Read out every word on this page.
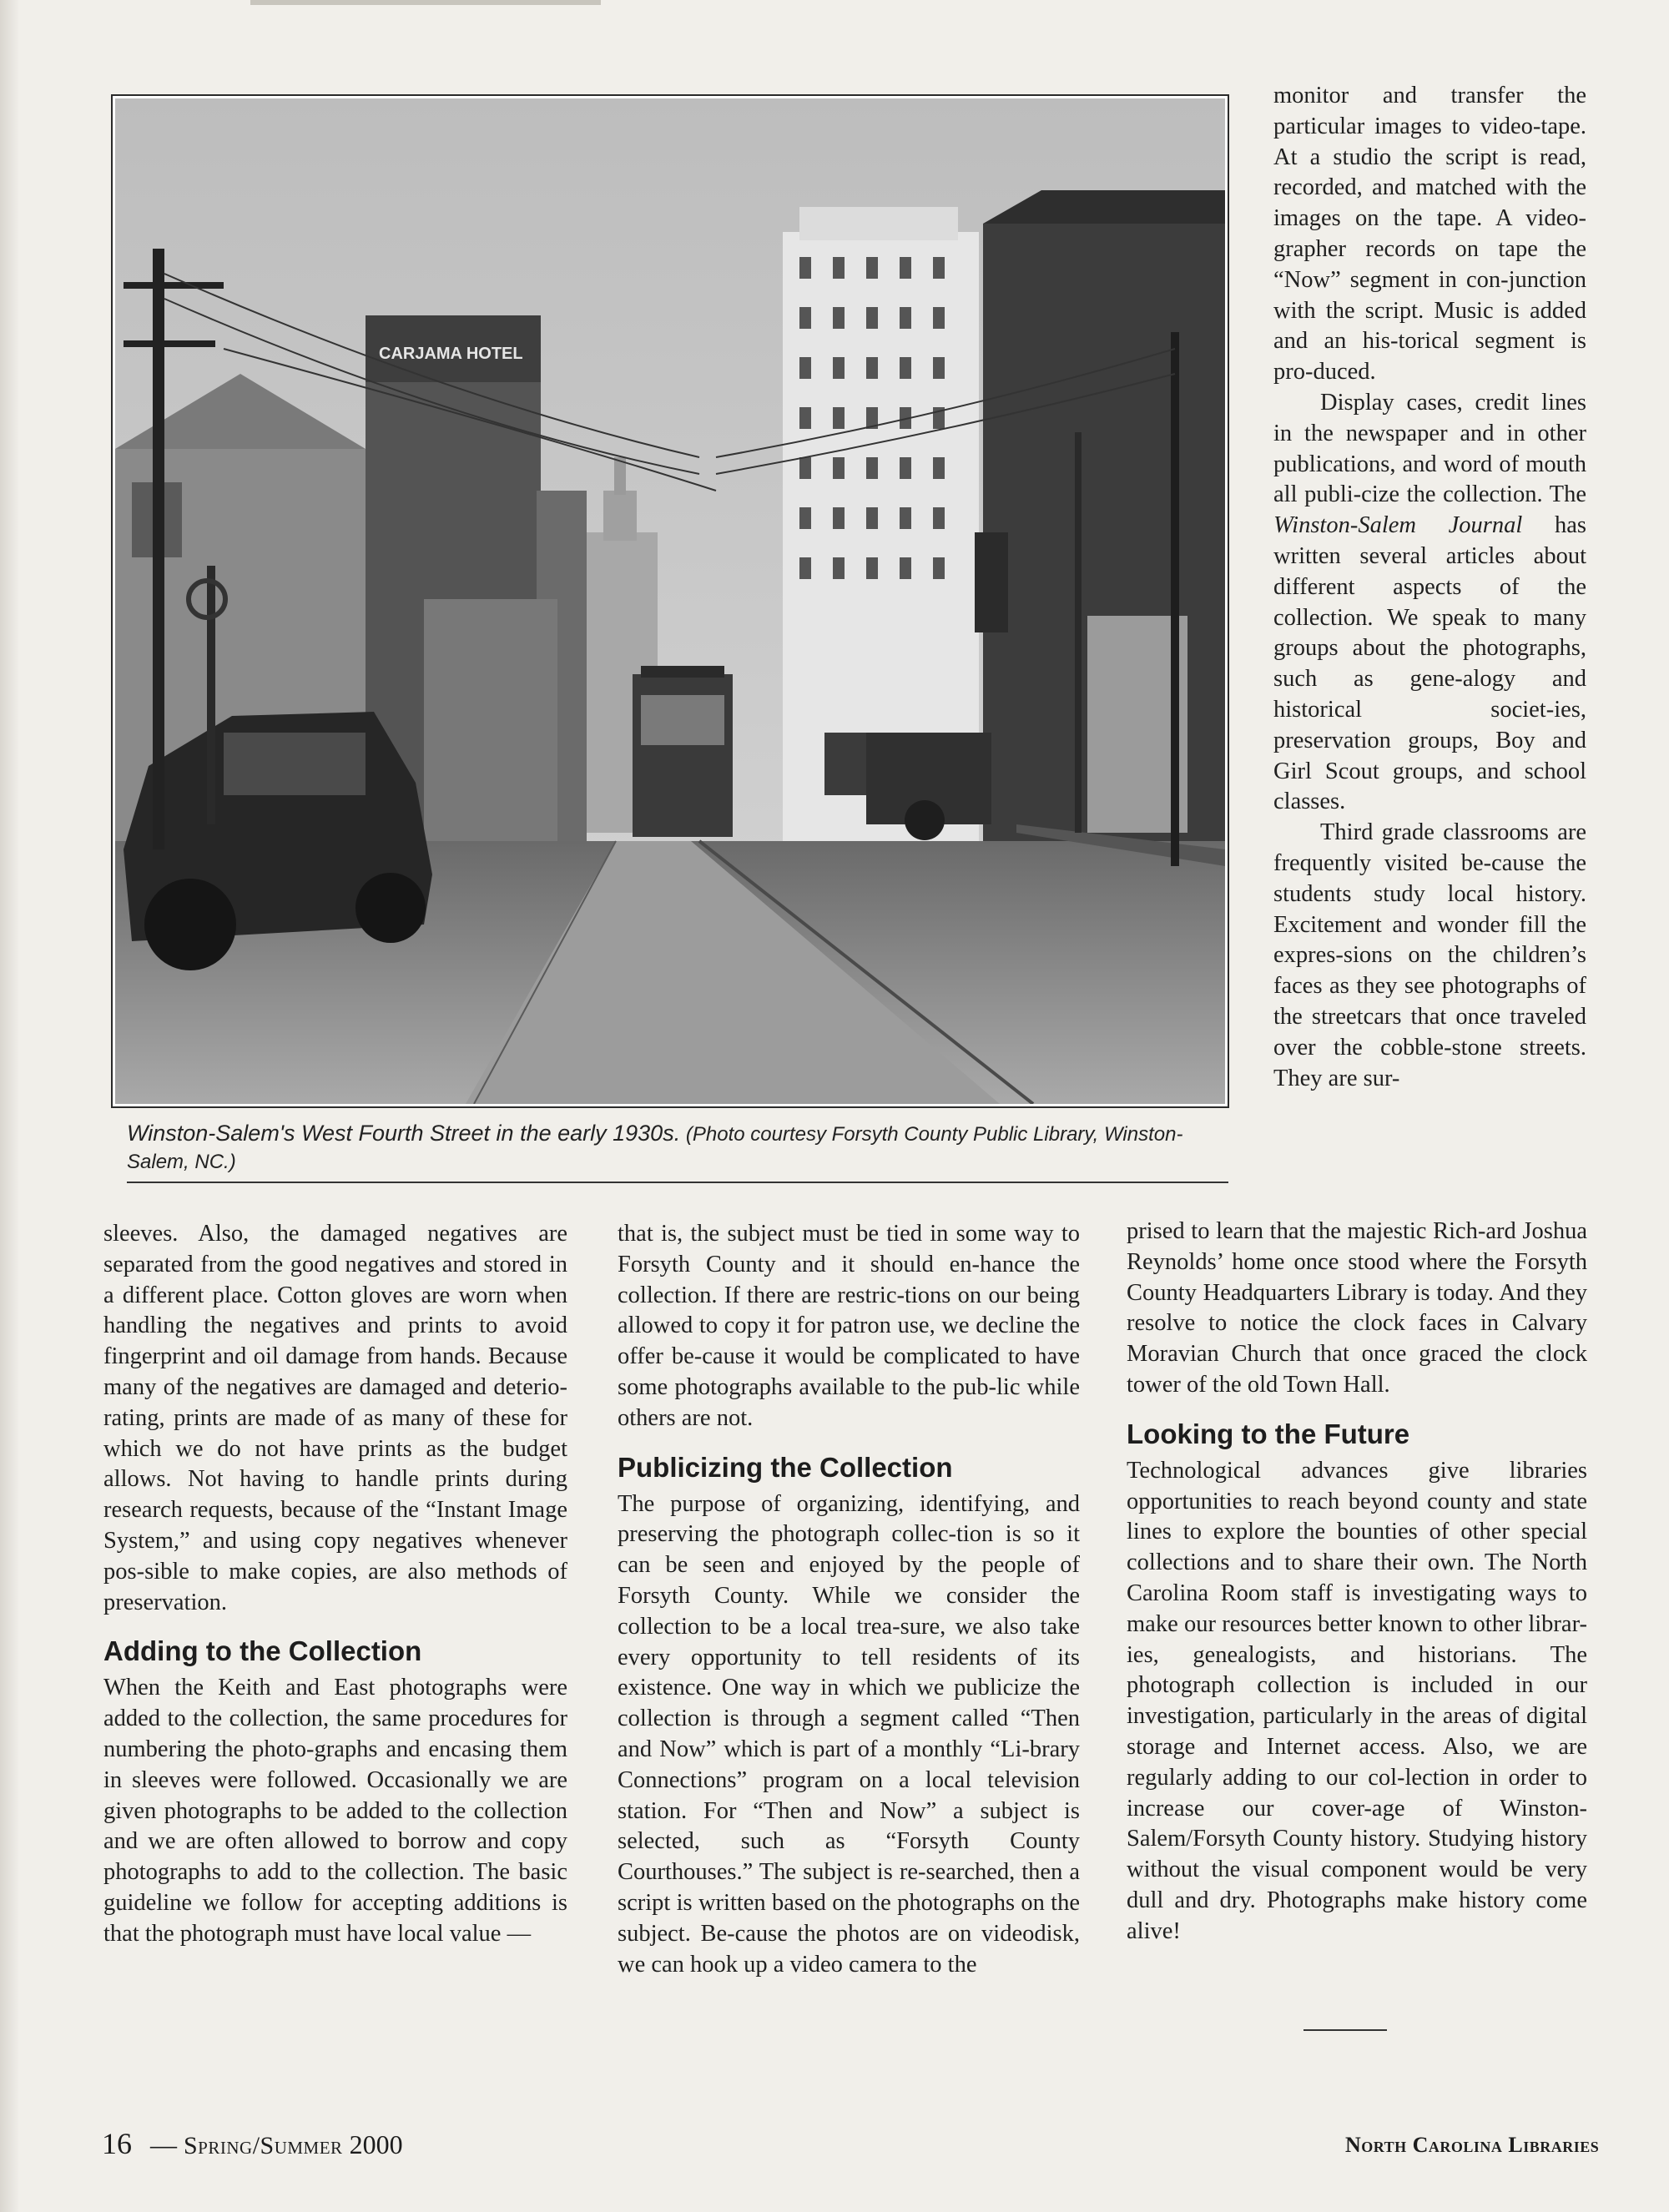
CARJAMA HOTEL
Winston-Salem's West Fourth Street in the early 1930s. (Photo courtesy Forsyth County Public Library, Winston-Salem, NC.)

monitor and transfer the particular images to video-tape. At a studio the script is read, recorded, and matched with the images on the tape. A video-grapher records on tape the “Now” segment in con-junction with the script. Music is added and an his-torical segment is pro-duced.

Display cases, credit lines in the newspaper and in other publications, and word of mouth all publi-cize the collection. The Winston-Salem Journal has written several articles about different aspects of the collection. We speak to many groups about the photographs, such as gene-alogy and historical societ-ies, preservation groups, Boy and Girl Scout groups, and school classes.

Third grade classrooms are frequently visited be-cause the students study local history. Excitement and wonder fill the expres-sions on the children’s faces as they see photographs of the streetcars that once traveled over the cobble-stone streets. They are sur-

prised to learn that the majestic Rich-ard Joshua Reynolds’ home once stood where the Forsyth County Headquarters Library is today. And they resolve to notice the clock faces in Calvary Moravian Church that once graced the clock tower of the old Town Hall.

Looking to the Future

Technological advances give libraries opportunities to reach beyond county and state lines to explore the bounties of other special collections and to share their own. The North Carolina Room staff is investigating ways to make our resources better known to other librar-ies, genealogists, and historians. The photograph collection is included in our investigation, particularly in the areas of digital storage and Internet access. Also, we are regularly adding to our col-lection in order to increase our cover-age of Winston-Salem/Forsyth County history. Studying history without the visual component would be very dull and dry. Photographs make history come alive!

sleeves. Also, the damaged negatives are separated from the good negatives and stored in a different place. Cotton gloves are worn when handling the negatives and prints to avoid fingerprint and oil damage from hands. Because many of the negatives are damaged and deterio-rating, prints are made of as many of these for which we do not have prints as the budget allows. Not having to handle prints during research requests, because of the “Instant Image System,” and using copy negatives whenever pos-sible to make copies, are also methods of preservation.

Adding to the Collection

When the Keith and East photographs were added to the collection, the same procedures for numbering the photo-graphs and encasing them in sleeves were followed. Occasionally we are given photographs to be added to the collection and we are often allowed to borrow and copy photographs to add to the collection. The basic guideline we follow for accepting additions is that the photograph must have local value —

that is, the subject must be tied in some way to Forsyth County and it should en-hance the collection. If there are restric-tions on our being allowed to copy it for patron use, we decline the offer be-cause it would be complicated to have some photographs available to the pub-lic while others are not.

Publicizing the Collection

The purpose of organizing, identifying, and preserving the photograph collec-tion is so it can be seen and enjoyed by the people of Forsyth County. While we consider the collection to be a local trea-sure, we also take every opportunity to tell residents of its existence. One way in which we publicize the collection is through a segment called “Then and Now” which is part of a monthly “Li-brary Connections” program on a local television station. For “Then and Now” a subject is selected, such as “Forsyth County Courthouses.” The subject is re-searched, then a script is written based on the photographs on the subject. Be-cause the photos are on videodisk, we can hook up a video camera to the

16 — Spring/Summer 2000	North Carolina Libraries
